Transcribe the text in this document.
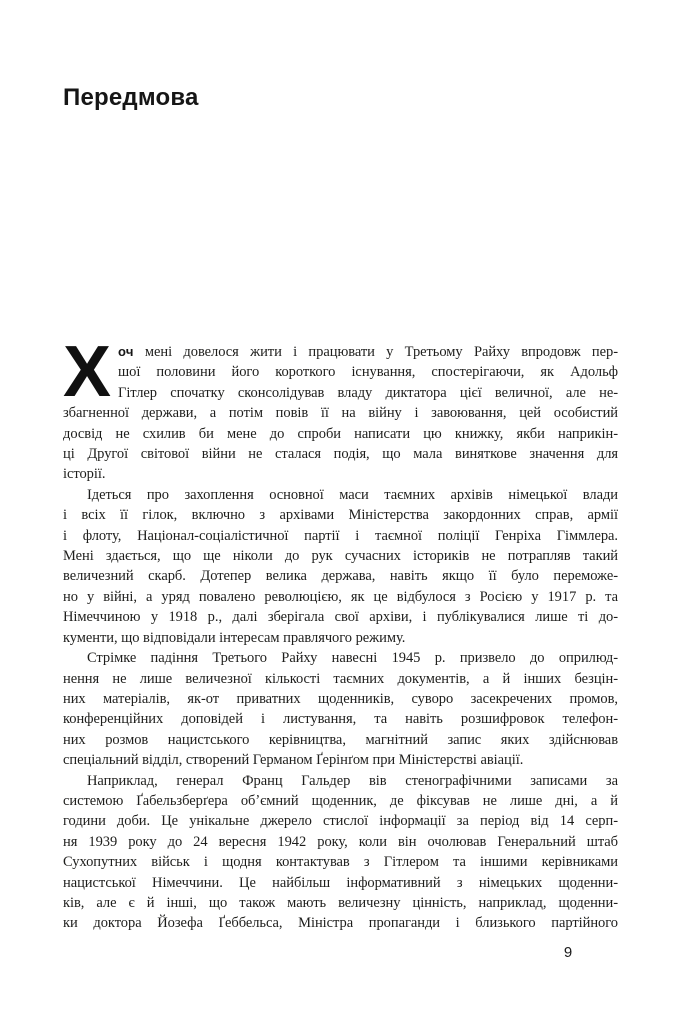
Передмова
Х оч мені довелося жити і працювати у Третьому Райху впродовж пер-
шої половини його короткого існування, спостерігаючи, як Адольф
Гітлер спочатку сконсолідував владу диктатора цієї величної, але не-
збагненної держави, а потім повів її на війну і завоювання, цей особистий
досвід не схилив би мене до спроби написати цю книжку, якби наприкін-
ці Другої світової війни не сталася подія, що мала виняткове значення для
історії.
Ідеться про захоплення основної маси таємних архівів німецької влади
і всіх її гілок, включно з архівами Міністерства закордонних справ, армії
і флоту, Націонал-соціалістичної партії і таємної поліції Генріха Гіммлера.
Мені здається, що ще ніколи до рук сучасних істориків не потрапляв такий
величезний скарб. Дотепер велика держава, навіть якщо її було переможе-
но у війні, а уряд повалено революцією, як це відбулося з Росією у 1917 р. та
Німеччиною у 1918 р., далі зберігала свої архіви, і публікувалися лише ті до-
кументи, що відповідали інтересам правлячого режиму.
Стрімке падіння Третього Райху навесні 1945 р. призвело до оприлюд-
нення не лише величезної кількості таємних документів, а й інших безцін-
них матеріалів, як-от приватних щоденників, суворо засекречених промов,
конференційних доповідей і листування, та навіть розшифровок телефон-
них розмов нацистського керівництва, магнітний запис яких здійснював
спеціальний відділ, створений Германом Ґерінґом при Міністерстві авіації.
Наприклад, генерал Франц Гальдер вів стенографічними записами за
системою Ґабельзберґера обʼємний щоденник, де фіксував не лише дні, а й
години доби. Це унікальне джерело стислої інформації за період від 14 серп-
ня 1939 року до 24 вересня 1942 року, коли він очолював Генеральний штаб
Сухопутних військ і щодня контактував з Гітлером та іншими керівниками
нацистської Німеччини. Це найбільш інформативний з німецьких щоденни-
ків, але є й інші, що також мають величезну цінність, наприклад, щоденни-
ки доктора Йозефа Ґеббельса, Міністра пропаганди і близького партійного
9
